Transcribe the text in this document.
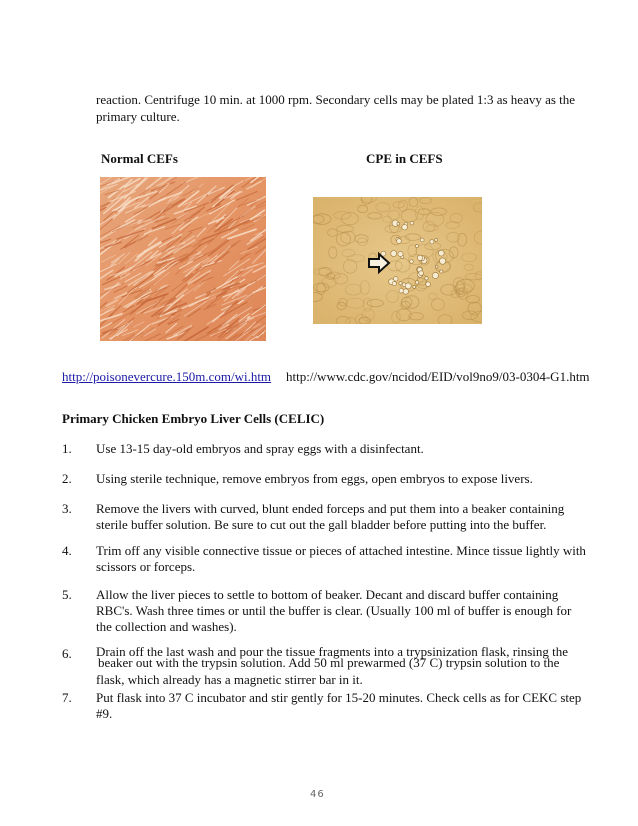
reaction. Centrifuge 10 min. at 1000 rpm. Secondary cells may be plated 1:3 as heavy as the
primary culture.
Normal CEFs	CPE in CEFS
http://poisonevercure.150m.com/wi.htm http://www.cdc.gov/ncidod/EID/vol9no9/03-0304-G1.htm
Primary Chicken Embryo Liver Cells (CELIC)
1. Use 13-15 day-old embryos and spray eggs with a disinfectant.
2. Using sterile technique, remove embryos from eggs, open embryos to expose livers.
3. Remove the livers with curved, blunt ended forceps and put them into a beaker containing
sterile buffer solution. Be sure to cut out the gall bladder before putting into the buffer.
4. Trim off any visible connective tissue or pieces of attached intestine. Mince tissue lightly with
scissors or forceps.
5. Allow the liver pieces to settle to bottom of beaker. Decant and discard buffer containing
RBC's. Wash three times or until the buffer is clear. (Usually 100 ml of buffer is enough for
the collection and washes).
6. Drain off the last wash and pour the tissue fragments into a trypsinization flask, rinsing the
beaker out with the trypsin solution. Add 50 ml prewarmed (37 C) trypsin solution to the
flask, which already has a magnetic stirrer bar in it.
7. Put flask into 37 C incubator and stir gently for 15-20 minutes. Check cells as for CEKC step
#9.
46
